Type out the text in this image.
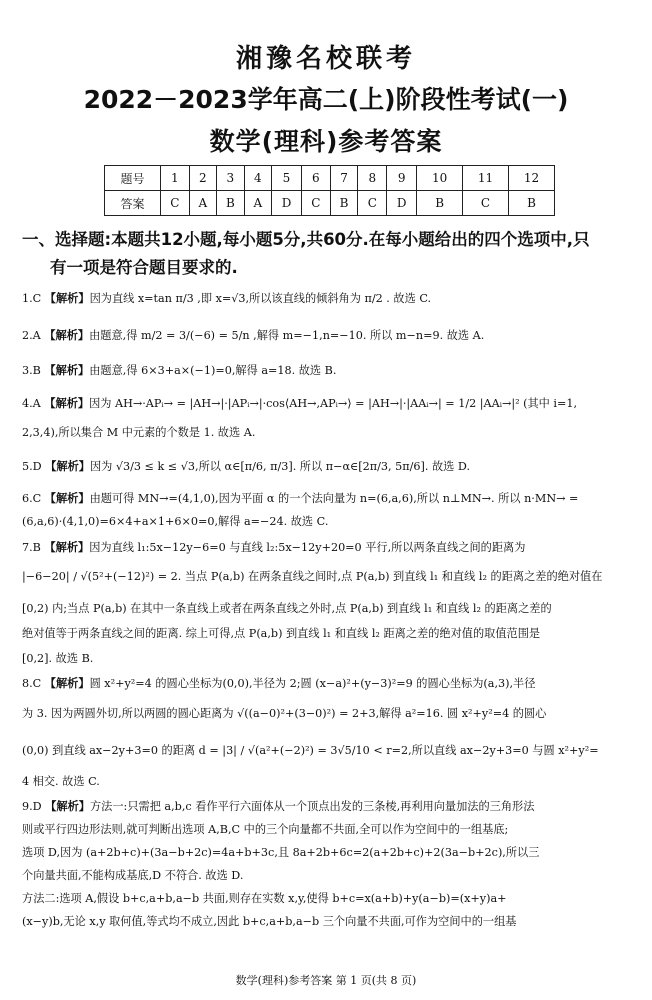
湘豫名校联考
2022－2023学年高二(上)阶段性考试(一)
数学(理科)参考答案
题号	1	2	3	4	5	6	7	8	9	10	11	12
答案	C	A	B	A	D	C	B	C	D	B	C	B
一、选择题:本题共12小题,每小题5分,共60分.在每小题给出的四个选项中,只
有一项是符合题目要求的.
1.C 【解析】因为直线 x=tan π/3 ,即 x=√3,所以该直线的倾斜角为 π/2 . 故选 C.
2.A 【解析】由题意,得 m/2 = 3/(−6) = 5/n ,解得 m=−1,n=−10. 所以 m−n=9. 故选 A.
3.B 【解析】由题意,得 6×3+a×(−1)=0,解得 a=18. 故选 B.
4.A 【解析】因为 AH→·APᵢ→ = |AH→|·|APᵢ→|·cos⟨AH→,APᵢ→⟩ = |AH→|·|AAᵢ→| = 1/2 |AAᵢ→|² (其中 i=1,
2,3,4),所以集合 M 中元素的个数是 1. 故选 A.
5.D 【解析】因为 √3/3 ≤ k ≤ √3,所以 α∈[π/6, π/3]. 所以 π−α∈[2π/3, 5π/6]. 故选 D.
6.C 【解析】由题可得 MN→=(4,1,0),因为平面 α 的一个法向量为 n=(6,a,6),所以 n⊥MN→. 所以 n·MN→ =
(6,a,6)·(4,1,0)=6×4+a×1+6×0=0,解得 a=−24. 故选 C.
7.B 【解析】因为直线 l₁:5x−12y−6=0 与直线 l₂:5x−12y+20=0 平行,所以两条直线之间的距离为
|−6−20| / √(5²+(−12)²) = 2. 当点 P(a,b) 在两条直线之间时,点 P(a,b) 到直线 l₁ 和直线 l₂ 的距离之差的绝对值在
[0,2) 内;当点 P(a,b) 在其中一条直线上或者在两条直线之外时,点 P(a,b) 到直线 l₁ 和直线 l₂ 的距离之差的
绝对值等于两条直线之间的距离. 综上可得,点 P(a,b) 到直线 l₁ 和直线 l₂ 距离之差的绝对值的取值范围是
[0,2]. 故选 B.
8.C 【解析】圆 x²+y²=4 的圆心坐标为(0,0),半径为 2;圆 (x−a)²+(y−3)²=9 的圆心坐标为(a,3),半径
为 3. 因为两圆外切,所以两圆的圆心距离为 √((a−0)²+(3−0)²) = 2+3,解得 a²=16. 圆 x²+y²=4 的圆心
(0,0) 到直线 ax−2y+3=0 的距离 d = |3| / √(a²+(−2)²) = 3√5/10 < r=2,所以直线 ax−2y+3=0 与圆 x²+y²=
4 相交. 故选 C.
9.D 【解析】方法一:只需把 a,b,c 看作平行六面体从一个顶点出发的三条棱,再利用向量加法的三角形法
则或平行四边形法则,就可判断出选项 A,B,C 中的三个向量都不共面,全可以作为空间中的一组基底;
选项 D,因为 (a+2b+c)+(3a−b+2c)=4a+b+3c,且 8a+2b+6c=2(a+2b+c)+2(3a−b+2c),所以三
个向量共面,不能构成基底,D 不符合. 故选 D.
方法二:选项 A,假设 b+c,a+b,a−b 共面,则存在实数 x,y,使得 b+c=x(a+b)+y(a−b)=(x+y)a+
(x−y)b,无论 x,y 取何值,等式均不成立,因此 b+c,a+b,a−b 三个向量不共面,可作为空间中的一组基
数学(理科)参考答案 第 1 页(共 8 页)
